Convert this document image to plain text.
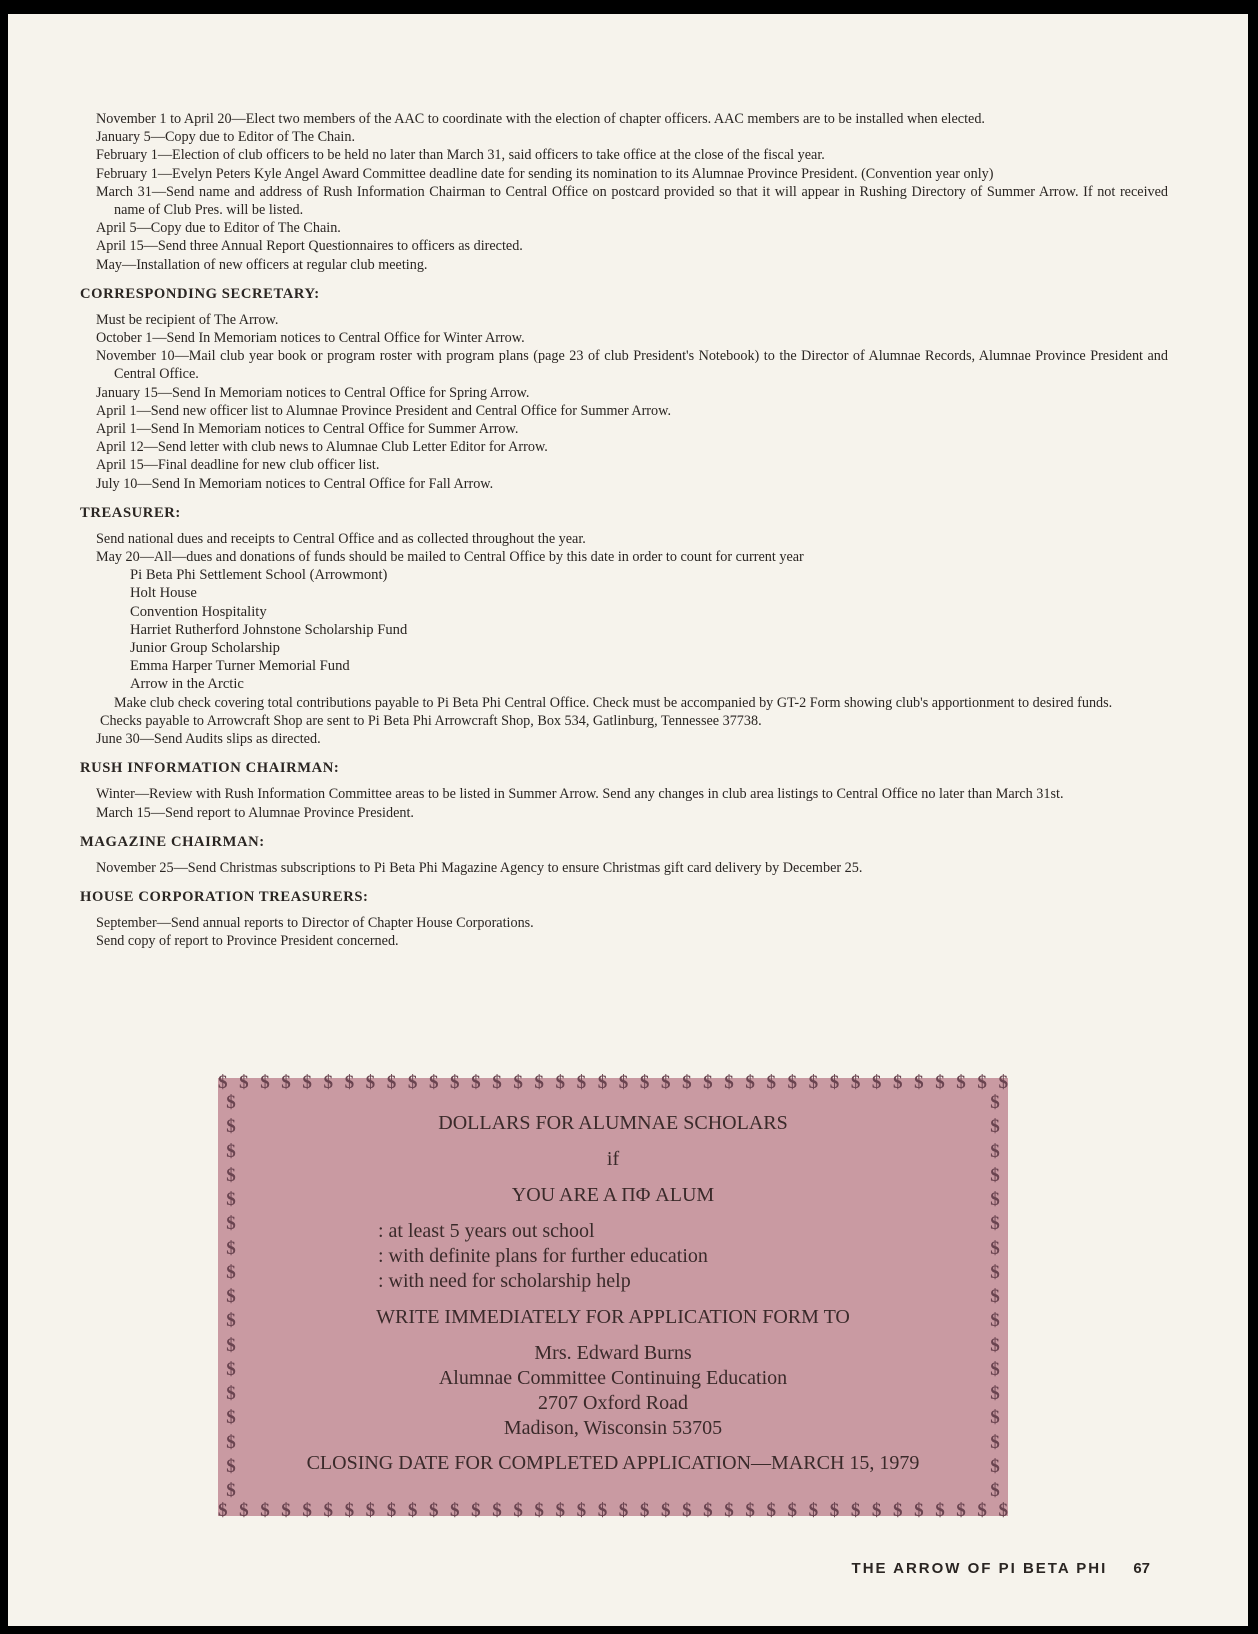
November 1 to April 20—Elect two members of the AAC to coordinate with the election of chapter officers. AAC members are to be installed when elected.

January 5—Copy due to Editor of The Chain.

February 1—Election of club officers to be held no later than March 31, said officers to take office at the close of the fiscal year.

February 1—Evelyn Peters Kyle Angel Award Committee deadline date for sending its nomination to its Alumnae Province President. (Convention year only)

March 31—Send name and address of Rush Information Chairman to Central Office on postcard provided so that it will appear in Rushing Directory of Summer Arrow. If not received name of Club Pres. will be listed.

April 5—Copy due to Editor of The Chain.

April 15—Send three Annual Report Questionnaires to officers as directed.

May—Installation of new officers at regular club meeting.

CORRESPONDING SECRETARY:

Must be recipient of The Arrow.

October 1—Send In Memoriam notices to Central Office for Winter Arrow.

November 10—Mail club year book or program roster with program plans (page 23 of club President's Notebook) to the Director of Alumnae Records, Alumnae Province President and Central Office.

January 15—Send In Memoriam notices to Central Office for Spring Arrow.

April 1—Send new officer list to Alumnae Province President and Central Office for Summer Arrow.

April 1—Send In Memoriam notices to Central Office for Summer Arrow.

April 12—Send letter with club news to Alumnae Club Letter Editor for Arrow.

April 15—Final deadline for new club officer list.

July 10—Send In Memoriam notices to Central Office for Fall Arrow.

TREASURER:

Send national dues and receipts to Central Office and as collected throughout the year.

May 20—All—dues and donations of funds should be mailed to Central Office by this date in order to count for current year

Pi Beta Phi Settlement School (Arrowmont)

Holt House

Convention Hospitality

Harriet Rutherford Johnstone Scholarship Fund

Junior Group Scholarship

Emma Harper Turner Memorial Fund

Arrow in the Arctic

Make club check covering total contributions payable to Pi Beta Phi Central Office. Check must be accompanied by GT-2 Form showing club's apportionment to desired funds.

Checks payable to Arrowcraft Shop are sent to Pi Beta Phi Arrowcraft Shop, Box 534, Gatlinburg, Tennessee 37738.

June 30—Send Audits slips as directed.

RUSH INFORMATION CHAIRMAN:

Winter—Review with Rush Information Committee areas to be listed in Summer Arrow. Send any changes in club area listings to Central Office no later than March 31st.

March 15—Send report to Alumnae Province President.

MAGAZINE CHAIRMAN:

November 25—Send Christmas subscriptions to Pi Beta Phi Magazine Agency to ensure Christmas gift card delivery by December 25.

HOUSE CORPORATION TREASURERS:

September—Send annual reports to Director of Chapter House Corporations.

Send copy of report to Province President concerned.

$ $ $ $ $ $ $ $ $ $ $ $ $ $ $ $ $ $ $ $ $ $ $ $ $ $ $ $ $ $ $ $ $ $ $ $ $ $
$ $ $ $ $ $ $ $ $ $ $ $ $ $ $ $ $ $ $ $ $ $ $ $ $ $ $ $ $ $ $ $ $ $ $ $ $ $
$
$
$
$
$
$
$
$
$
$
$
$
$
$
$
$
$
$
$
$
$
$
$
$
$
$
$
$
$
$
$
$
$
$
DOLLARS FOR ALUMNAE SCHOLARS
if
YOU ARE A ΠΦ ALUM
: at least 5 years out school
: with definite plans for further education
: with need for scholarship help
WRITE IMMEDIATELY FOR APPLICATION FORM TO
Mrs. Edward Burns
Alumnae Committee Continuing Education
2707 Oxford Road
Madison, Wisconsin 53705
CLOSING DATE FOR COMPLETED APPLICATION—MARCH 15, 1979
THE ARROW OF PI BETA PHI 67
